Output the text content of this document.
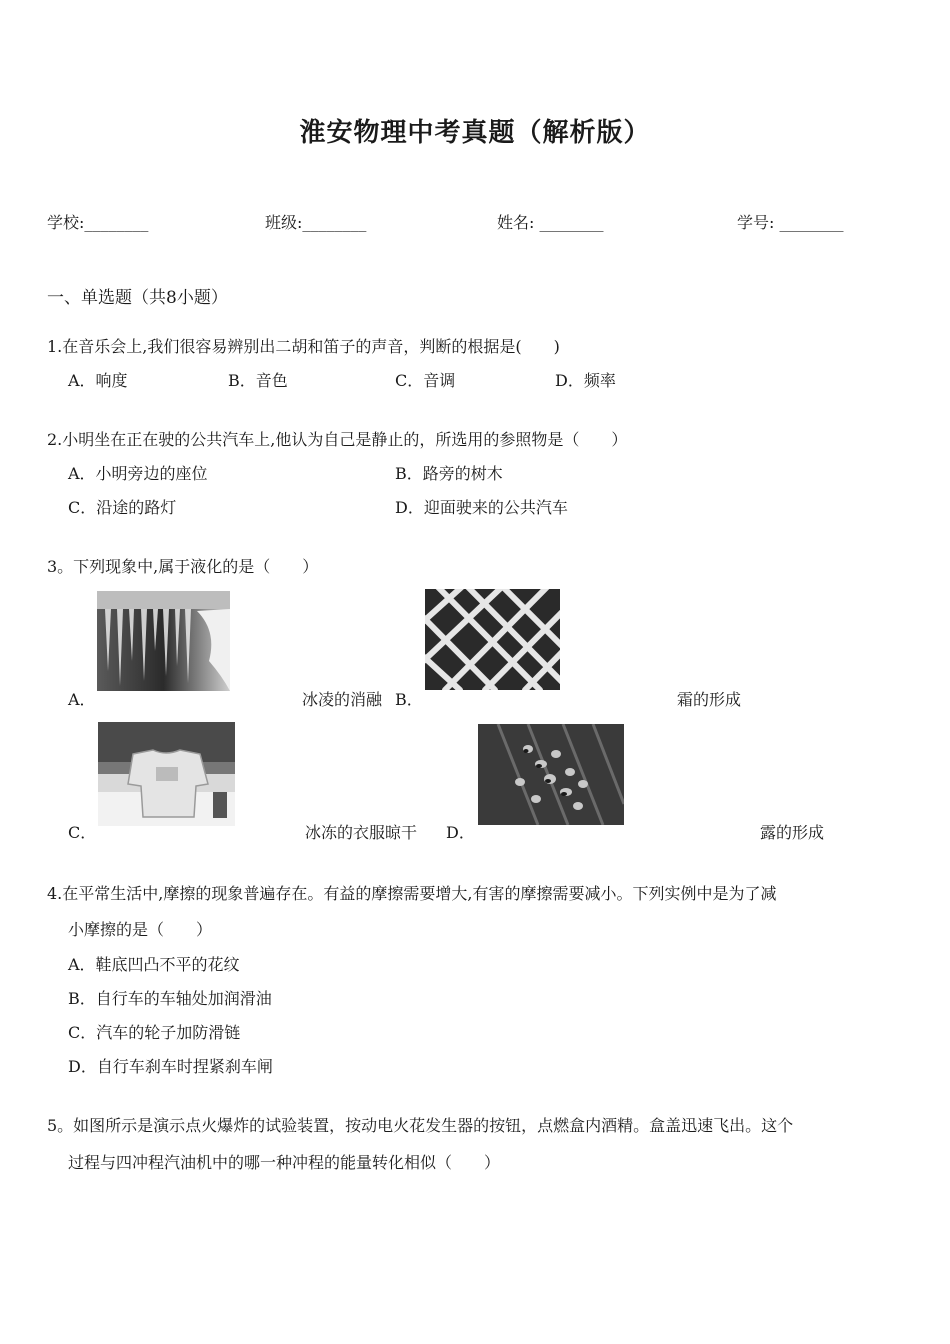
淮安物理中考真题（解析版）
学校:________	班级:________	姓名: ________	学号: ________
一、单选题（共8小题）
1.在音乐会上,我们很容易辨别出二胡和笛子的声音，判断的根据是(　　)
A．响度	B．音色	C．音调	D．频率
2.小明坐在正在驶的公共汽车上,他认为自己是静止的，所选用的参照物是（　　）
A．小明旁边的座位	B．路旁的树木
C．沿途的路灯	D．迎面驶来的公共汽车
3。下列现象中,属于液化的是（　　）
A．	冰凌的消融 B．	霜的形成
C．	冰冻的衣服晾干 D．	露的形成
4.在平常生活中,摩擦的现象普遍存在。有益的摩擦需要增大,有害的摩擦需要减小。下列实例中是为了减
小摩擦的是（　　）
A．鞋底凹凸不平的花纹
B．自行车的车轴处加润滑油
C．汽车的轮子加防滑链
D．自行车刹车时捏紧刹车闸
5。如图所示是演示点火爆炸的试验装置，按动电火花发生器的按钮，点燃盒内酒精。盒盖迅速飞出。这个
过程与四冲程汽油机中的哪一种冲程的能量转化相似（　　）
